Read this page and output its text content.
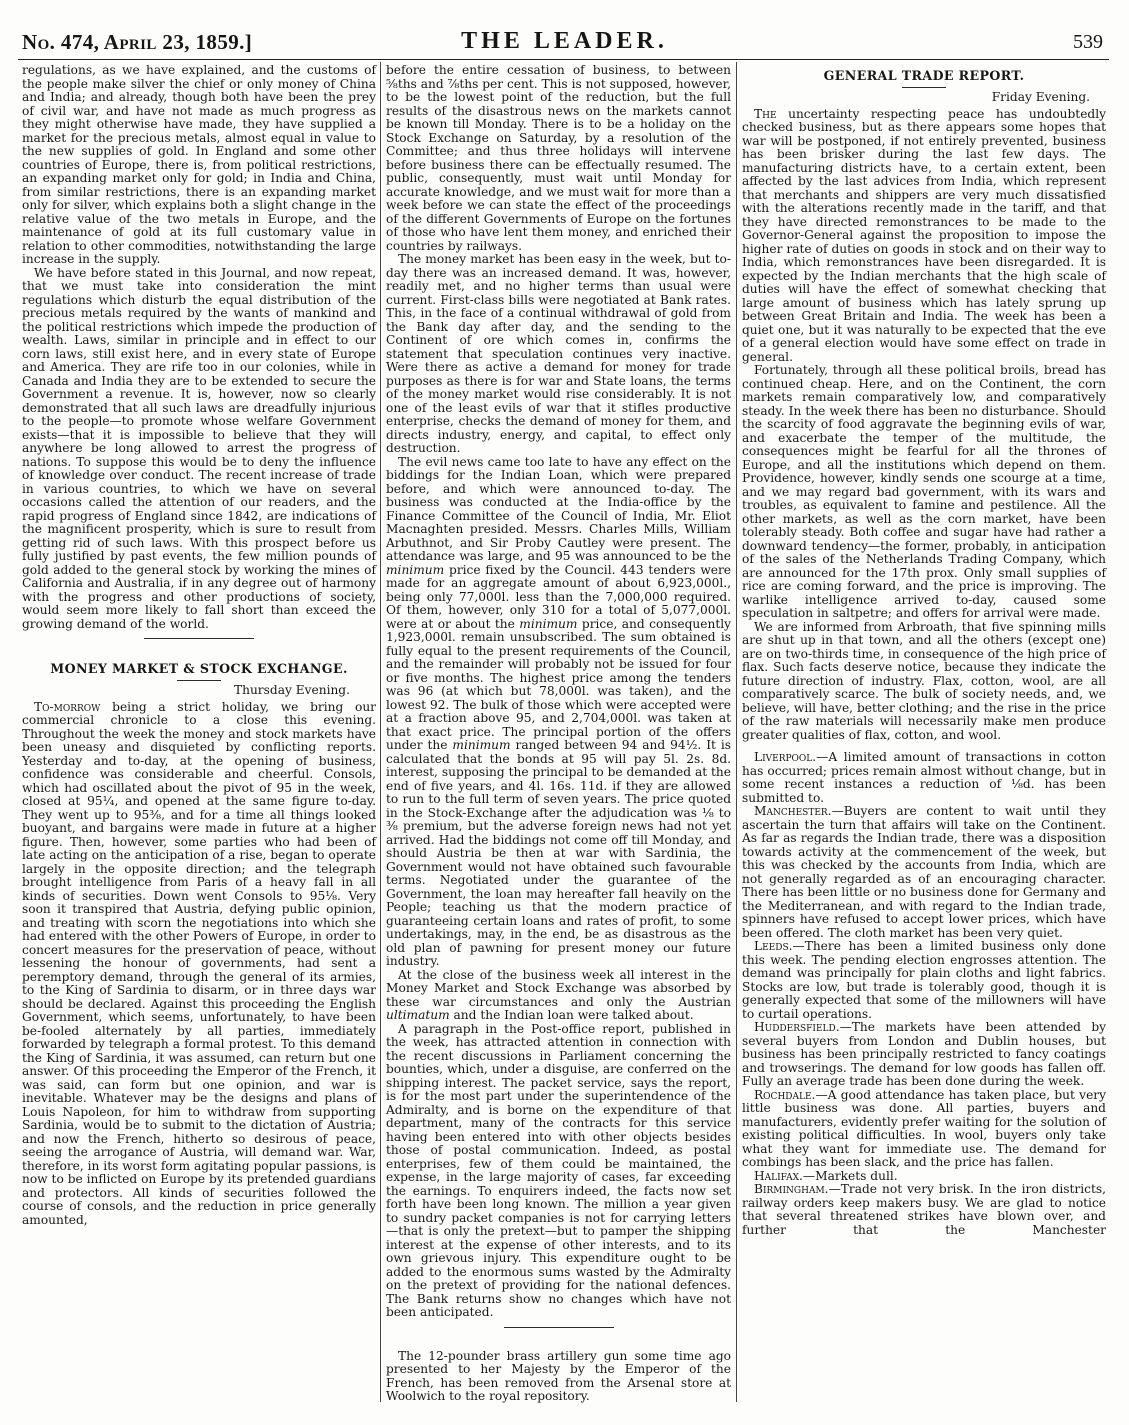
No. 474, April 23, 1859.]	THE LEADER.	539

regulations, as we have explained, and the customs of the people make silver the chief or only money of China and India; and already, though both have been the prey of civil war, and have not made as much progress as they might otherwise have made, they have supplied a market for the precious metals, almost equal in value to the new supplies of gold. In England and some other countries of Europe, there is, from political restrictions, an expanding market only for gold; in India and China, from similar restrictions, there is an expanding market only for silver, which explains both a slight change in the relative value of the two metals in Europe, and the maintenance of gold at its full customary value in relation to other commodities, notwithstanding the large increase in the supply.

We have before stated in this Journal, and now repeat, that we must take into consideration the mint regulations which disturb the equal distribution of the precious metals required by the wants of mankind and the political restrictions which impede the production of wealth. Laws, similar in principle and in effect to our corn laws, still exist here, and in every state of Europe and America. They are rife too in our colonies, while in Canada and India they are to be extended to secure the Government a revenue. It is, however, now so clearly demonstrated that all such laws are dreadfully injurious to the people—to promote whose welfare Government exists—that it is impossible to believe that they will anywhere be long allowed to arrest the progress of nations. To suppose this would be to deny the influence of knowledge over conduct. The recent increase of trade in various countries, to which we have on several occasions called the attention of our readers, and the rapid progress of England since 1842, are indications of the magnificent prosperity, which is sure to result from getting rid of such laws. With this prospect before us fully justified by past events, the few million pounds of gold added to the general stock by working the mines of California and Australia, if in any degree out of harmony with the progress and other productions of society, would seem more likely to fall short than exceed the growing demand of the world.

MONEY MARKET & STOCK EXCHANGE.
Thursday Evening.

To-morrow being a strict holiday, we bring our commercial chronicle to a close this evening. Throughout the week the money and stock markets have been uneasy and disquieted by conflicting reports. Yesterday and to-day, at the opening of business, confidence was considerable and cheerful. Consols, which had oscillated about the pivot of 95 in the week, closed at 95¼, and opened at the same figure to-day. They went up to 95⅜, and for a time all things looked buoyant, and bargains were made in future at a higher figure. Then, however, some parties who had been of late acting on the anticipation of a rise, began to operate largely in the opposite direction; and the telegraph brought intelligence from Paris of a heavy fall in all kinds of securities. Down went Consols to 95⅛. Very soon it transpired that Austria, defying public opinion, and treating with scorn the negotiations into which she had entered with the other Powers of Europe, in order to concert measures for the preservation of peace, without lessening the honour of governments, had sent a peremptory demand, through the general of its armies, to the King of Sardinia to disarm, or in three days war should be declared. Against this proceeding the English Government, which seems, unfortunately, to have been be-fooled alternately by all parties, immediately forwarded by telegraph a formal protest. To this demand the King of Sardinia, it was assumed, can return but one answer. Of this proceeding the Emperor of the French, it was said, can form but one opinion, and war is inevitable. Whatever may be the designs and plans of Louis Napoleon, for him to withdraw from supporting Sardinia, would be to submit to the dictation of Austria; and now the French, hitherto so desirous of peace, seeing the arrogance of Austria, will demand war. War, therefore, in its worst form agitating popular passions, is now to be inflicted on Europe by its pretended guardians and protectors. All kinds of securities followed the course of consols, and the reduction in price generally amounted,

before the entire cessation of business, to between ⅝ths and ⅞ths per cent. This is not supposed, however, to be the lowest point of the reduction, but the full results of the disastrous news on the markets cannot be known till Monday. There is to be a holiday on the Stock Exchange on Saturday, by a resolution of the Committee; and thus three holidays will intervene before business there can be effectually resumed. The public, consequently, must wait until Monday for accurate knowledge, and we must wait for more than a week before we can state the effect of the proceedings of the different Governments of Europe on the fortunes of those who have lent them money, and enriched their countries by railways.

The money market has been easy in the week, but to-day there was an increased demand. It was, however, readily met, and no higher terms than usual were current. First-class bills were negotiated at Bank rates. This, in the face of a continual withdrawal of gold from the Bank day after day, and the sending to the Continent of ore which comes in, confirms the statement that speculation continues very inactive. Were there as active a demand for money for trade purposes as there is for war and State loans, the terms of the money market would rise considerably. It is not one of the least evils of war that it stifles productive enterprise, checks the demand of money for them, and directs industry, energy, and capital, to effect only destruction.

The evil news came too late to have any effect on the biddings for the Indian Loan, which were prepared before, and which were announced to-day. The business was conducted at the India-office by the Finance Committee of the Council of India, Mr. Eliot Macnaghten presided. Messrs. Charles Mills, William Arbuthnot, and Sir Proby Cautley were present. The attendance was large, and 95 was announced to be the minimum price fixed by the Council. 443 tenders were made for an aggregate amount of about 6,923,000l., being only 77,000l. less than the 7,000,000 required. Of them, however, only 310 for a total of 5,077,000l. were at or about the minimum price, and consequently 1,923,000l. remain unsubscribed. The sum obtained is fully equal to the present requirements of the Council, and the remainder will probably not be issued for four or five months. The highest price among the tenders was 96 (at which but 78,000l. was taken), and the lowest 92. The bulk of those which were accepted were at a fraction above 95, and 2,704,000l. was taken at that exact price. The principal portion of the offers under the minimum ranged between 94 and 94½. It is calculated that the bonds at 95 will pay 5l. 2s. 8d. interest, supposing the principal to be demanded at the end of five years, and 4l. 16s. 11d. if they are allowed to run to the full term of seven years. The price quoted in the Stock-Exchange after the adjudication was ⅛ to ⅜ premium, but the adverse foreign news had not yet arrived. Had the biddings not come off till Monday, and should Austria be then at war with Sardinia, the Government would not have obtained such favourable terms. Negotiated under the guarantee of the Government, the loan may hereafter fall heavily on the People; teaching us that the modern practice of guaranteeing certain loans and rates of profit, to some undertakings, may, in the end, be as disastrous as the old plan of pawning for present money our future industry.

At the close of the business week all interest in the Money Market and Stock Exchange was absorbed by these war circumstances and only the Austrian ultimatum and the Indian loan were talked about.

A paragraph in the Post-office report, published in the week, has attracted attention in connection with the recent discussions in Parliament concerning the bounties, which, under a disguise, are conferred on the shipping interest. The packet service, says the report, is for the most part under the superintendence of the Admiralty, and is borne on the expenditure of that department, many of the contracts for this service having been entered into with other objects besides those of postal communication. Indeed, as postal enterprises, few of them could be maintained, the expense, in the large majority of cases, far exceeding the earnings. To enquirers indeed, the facts now set forth have been long known. The million a year given to sundry packet companies is not for carrying letters—that is only the pretext—but to pamper the shipping interest at the expense of other interests, and to its own grievous injury. This expenditure ought to be added to the enormous sums wasted by the Admiralty on the pretext of providing for the national defences. The Bank returns show no changes which have not been anticipated.

The 12-pounder brass artillery gun some time ago presented to her Majesty by the Emperor of the French, has been removed from the Arsenal store at Woolwich to the royal repository.

GENERAL TRADE REPORT.
Friday Evening.

The uncertainty respecting peace has undoubtedly checked business, but as there appears some hopes that war will be postponed, if not entirely prevented, business has been brisker during the last few days. The manufacturing districts have, to a certain extent, been affected by the last advices from India, which represent that merchants and shippers are very much dissatisfied with the alterations recently made in the tariff, and that they have directed remonstrances to be made to the Governor-General against the proposition to impose the higher rate of duties on goods in stock and on their way to India, which remonstrances have been disregarded. It is expected by the Indian merchants that the high scale of duties will have the effect of somewhat checking that large amount of business which has lately sprung up between Great Britain and India. The week has been a quiet one, but it was naturally to be expected that the eve of a general election would have some effect on trade in general.

Fortunately, through all these political broils, bread has continued cheap. Here, and on the Continent, the corn markets remain comparatively low, and comparatively steady. In the week there has been no disturbance. Should the scarcity of food aggravate the beginning evils of war, and exacerbate the temper of the multitude, the consequences might be fearful for all the thrones of Europe, and all the institutions which depend on them. Providence, however, kindly sends one scourge at a time, and we may regard bad government, with its wars and troubles, as equivalent to famine and pestilence. All the other markets, as well as the corn market, have been tolerably steady. Both coffee and sugar have had rather a downward tendency—the former, probably, in anticipation of the sales of the Netherlands Trading Company, which are announced for the 17th prox. Only small supplies of rice are coming forward, and the price is improving. The warlike intelligence arrived to-day, caused some speculation in saltpetre; and offers for arrival were made.

We are informed from Arbroath, that five spinning mills are shut up in that town, and all the others (except one) are on two-thirds time, in consequence of the high price of flax. Such facts deserve notice, because they indicate the future direction of industry. Flax, cotton, wool, are all comparatively scarce. The bulk of society needs, and, we believe, will have, better clothing; and the rise in the price of the raw materials will necessarily make men produce greater qualities of flax, cotton, and wool.

Liverpool.—A limited amount of transactions in cotton has occurred; prices remain almost without change, but in some recent instances a reduction of ⅛d. has been submitted to.

Manchester.—Buyers are content to wait until they ascertain the turn that affairs will take on the Continent. As far as regards the Indian trade, there was a disposition towards activity at the commencement of the week, but this was checked by the accounts from India, which are not generally regarded as of an encouraging character. There has been little or no business done for Germany and the Mediterranean, and with regard to the Indian trade, spinners have refused to accept lower prices, which have been offered. The cloth market has been very quiet.

Leeds.—There has been a limited business only done this week. The pending election engrosses attention. The demand was principally for plain cloths and light fabrics. Stocks are low, but trade is tolerably good, though it is generally expected that some of the millowners will have to curtail operations.

Huddersfield.—The markets have been attended by several buyers from London and Dublin houses, but business has been principally restricted to fancy coatings and trowserings. The demand for low goods has fallen off. Fully an average trade has been done during the week.

Rochdale.—A good attendance has taken place, but very little business was done. All parties, buyers and manufacturers, evidently prefer waiting for the solution of existing political difficulties. In wool, buyers only take what they want for immediate use. The demand for combings has been slack, and the price has fallen.

Halifax.—Markets dull.

Birmingham.—Trade not very brisk. In the iron districts, railway orders keep makers busy. We are glad to notice that several threatened strikes have blown over, and further that the Manchester
